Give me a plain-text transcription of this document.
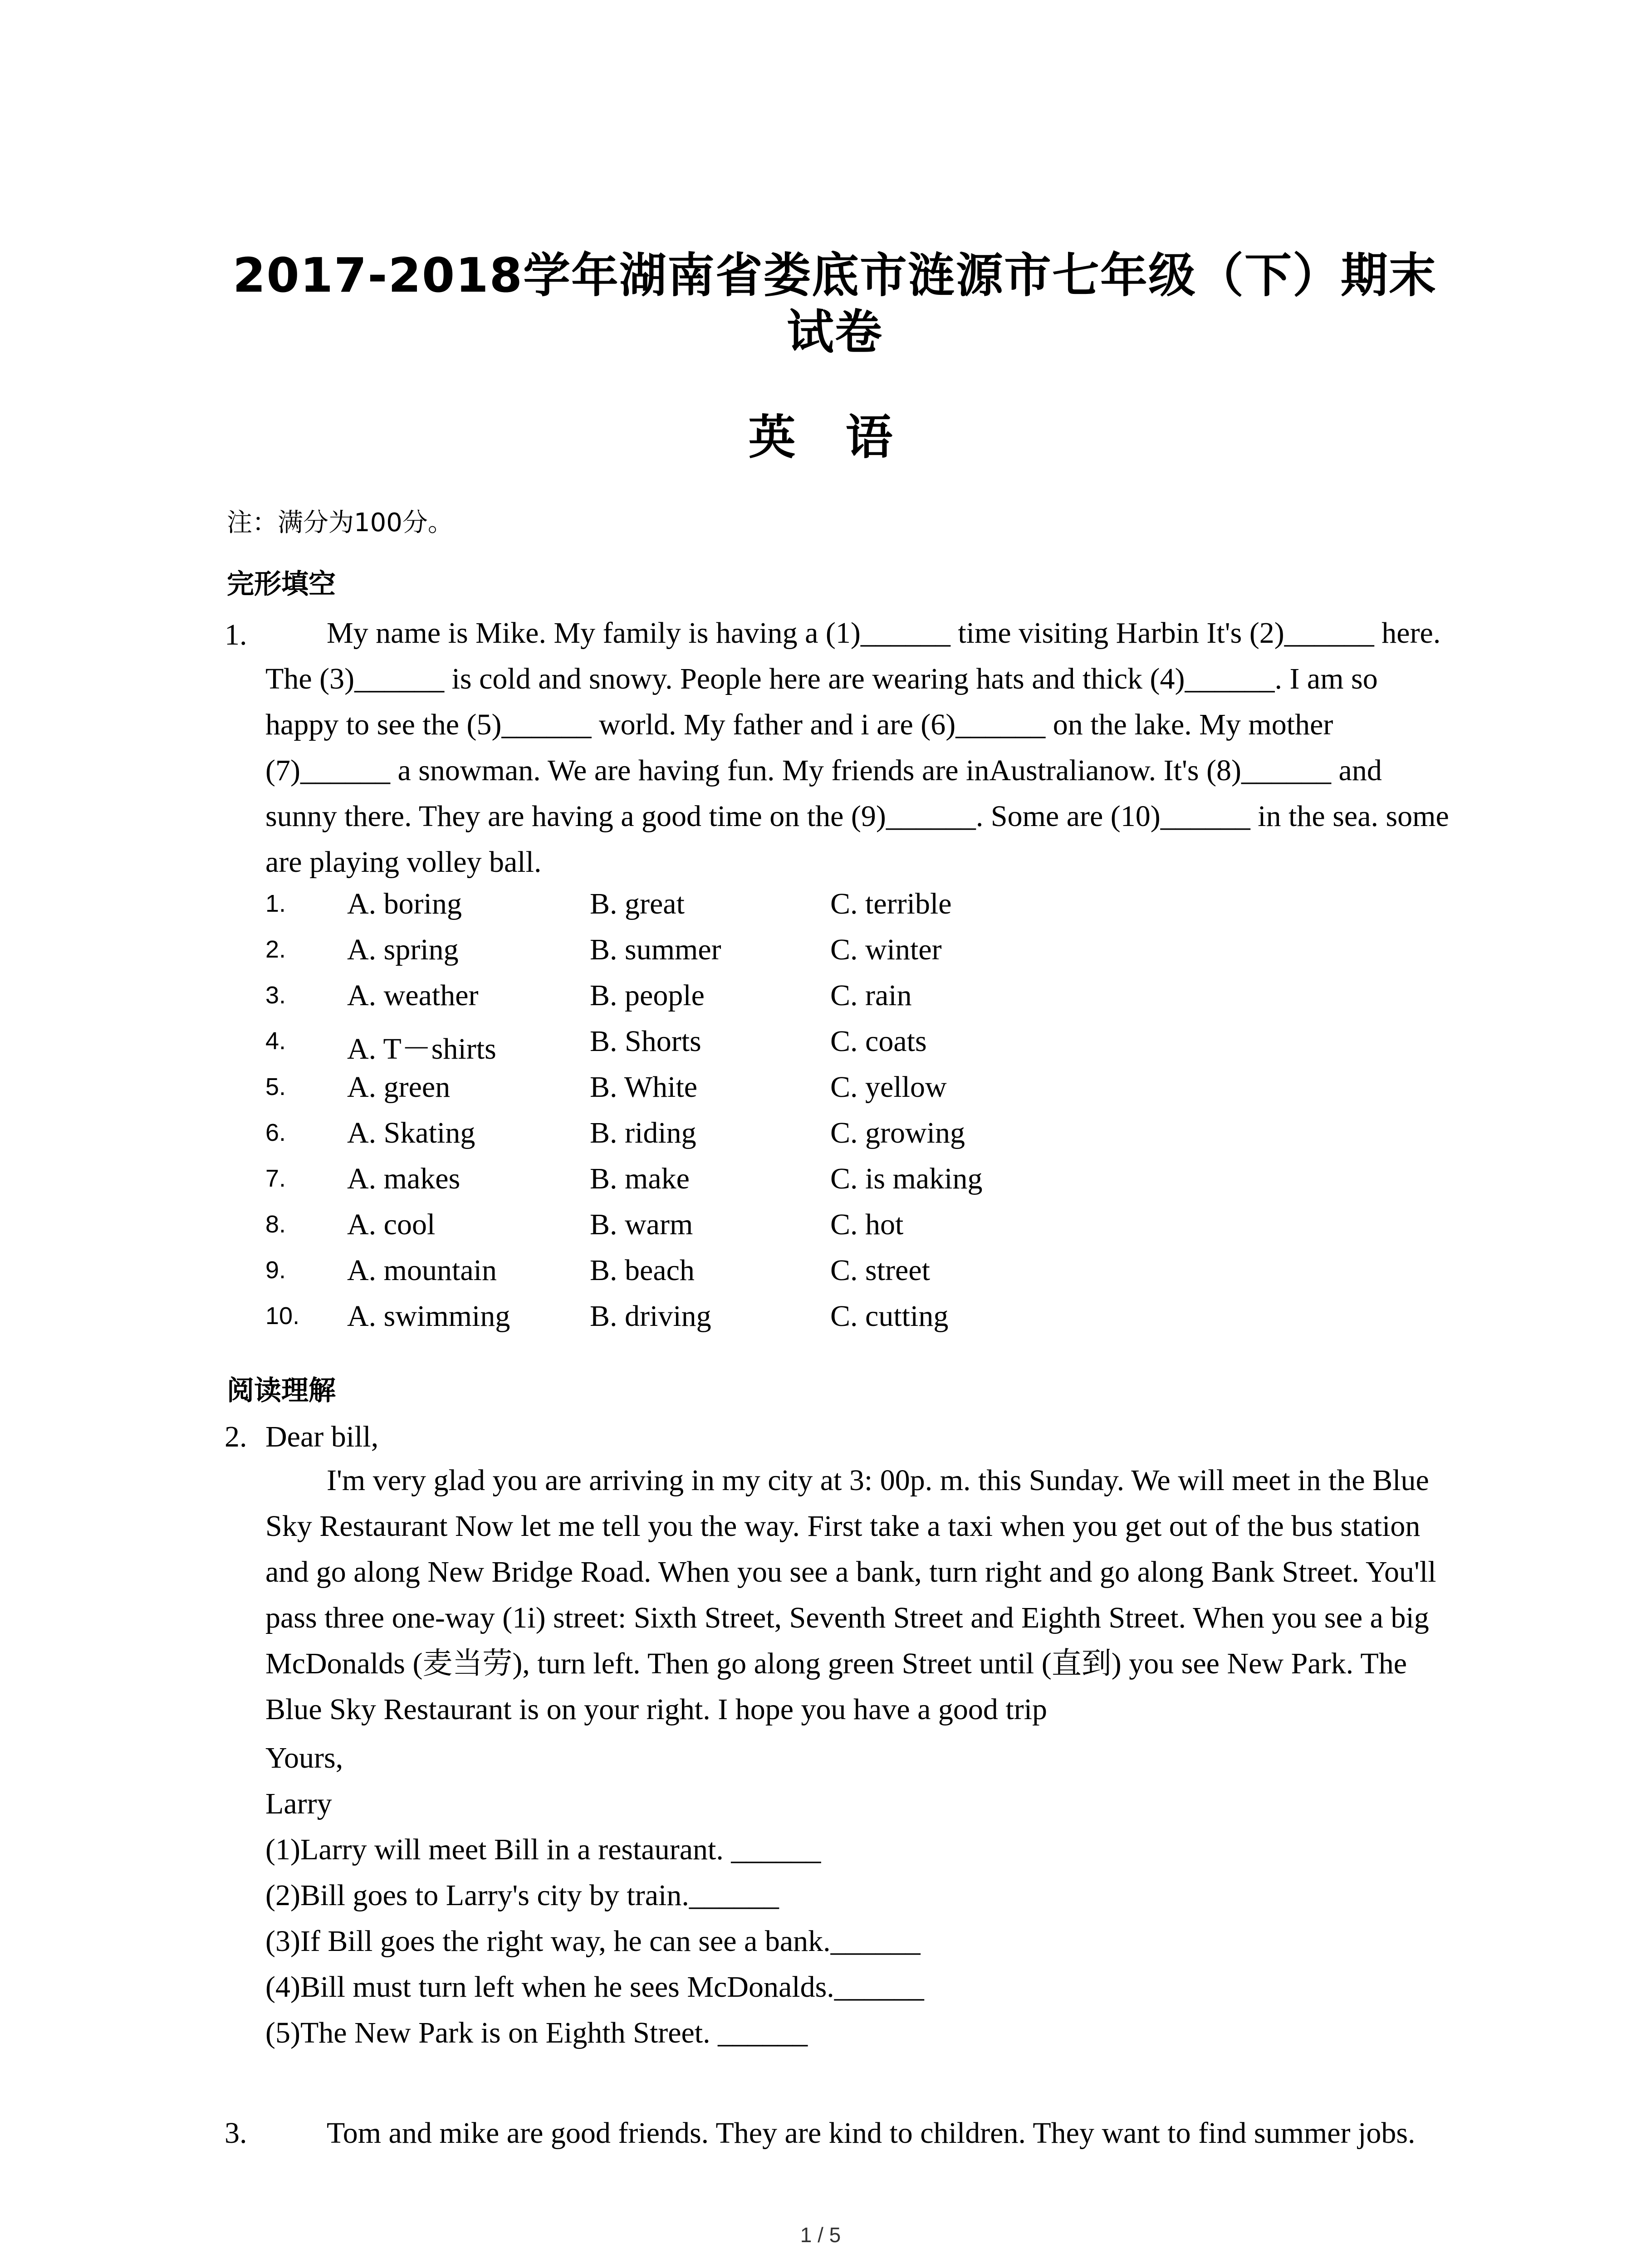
2017-2018学年湖南省娄底市涟源市七年级（下）期末试卷
英语
注：满分为100分。
完形填空
1.	My name is Mike. My family is having a (1)______ time visiting Harbin It's (2)______ here. The (3)______ is cold and snowy. People here are wearing hats and thick (4)______. I am so happy to see the (5)______ world. My father and i are (6)______ on the lake. My mother (7)______ a snowman. We are having fun. My friends are inAustralianow. It's (8)______ and sunny there. They are having a good time on the (9)______. Some are (10)______ in the sea. some are playing volley ball.
1. A. boring	B. great	C. terrible
2. A. spring	B. summer	C. winter
3. A. weather	B. people	C. rain
4. A. T－shirts	B. Shorts	C. coats
5. A. green	B. White	C. yellow
6. A. Skating	B. riding	C. growing
7. A. makes	B. make	C. is making
8. A. cool	B. warm	C. hot
9. A. mountain	B. beach	C. street
10. A. swimming	B. driving	C. cutting
阅读理解
2. Dear bill,
I'm very glad you are arriving in my city at 3: 00p. m. this Sunday. We will meet in the Blue Sky Restaurant Now let me tell you the way. First take a taxi when you get out of the bus station and go along New Bridge Road. When you see a bank, turn right and go along Bank Street. You'll pass three one-way (1i) street: Sixth Street, Seventh Street and Eighth Street. When you see a big McDonalds (麦当劳), turn left. Then go along green Street until (直到) you see New Park. The Blue Sky Restaurant is on your right. I hope you have a good trip
Yours,
Larry
(1)Larry will meet Bill in a restaurant. ______
(2)Bill goes to Larry's city by train.______
(3)If Bill goes the right way, he can see a bank.______
(4)Bill must turn left when he sees McDonalds.______
(5)The New Park is on Eighth Street. ______
3.	Tom and mike are good friends. They are kind to children. They want to find summer jobs.
1 / 5
